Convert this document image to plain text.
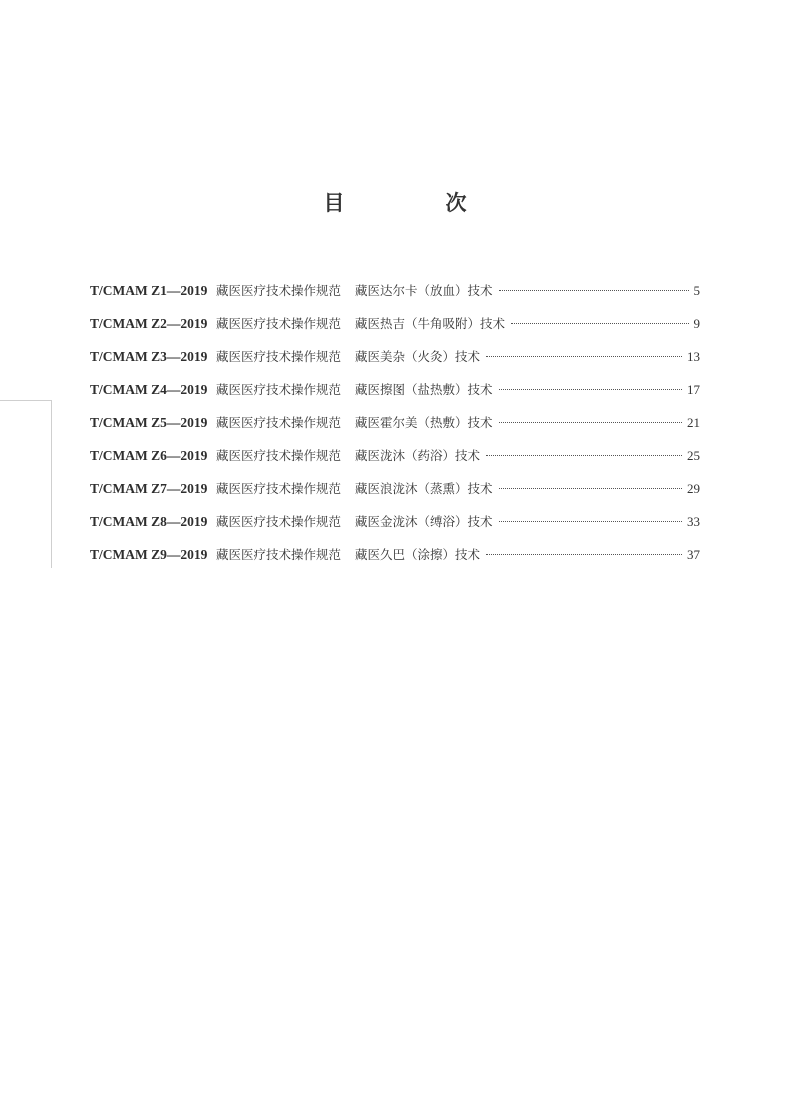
目　次
T/CMAM Z1—2019 藏医医疗技术操作规范 藏医达尔卡（放血）技术	5
T/CMAM Z2—2019 藏医医疗技术操作规范 藏医热吉（牛角吸附）技术	9
T/CMAM Z3—2019 藏医医疗技术操作规范 藏医美杂（火灸）技术	13
T/CMAM Z4—2019 藏医医疗技术操作规范 藏医擦图（盐热敷）技术	17
T/CMAM Z5—2019 藏医医疗技术操作规范 藏医霍尔美（热敷）技术	21
T/CMAM Z6—2019 藏医医疗技术操作规范 藏医泷沐（药浴）技术	25
T/CMAM Z7—2019 藏医医疗技术操作规范 藏医浪泷沐（蒸熏）技术	29
T/CMAM Z8—2019 藏医医疗技术操作规范 藏医金泷沐（缚浴）技术	33
T/CMAM Z9—2019 藏医医疗技术操作规范 藏医久巴（涂擦）技术	37
